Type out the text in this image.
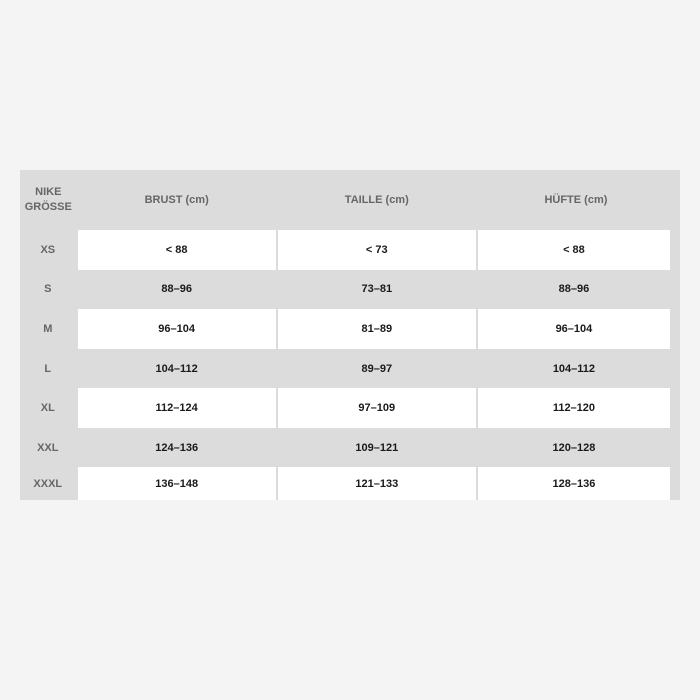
NIKE
GRÖSSE	BRUST (cm)	TAILLE (cm)	HÜFTE (cm)
XS	< 88	< 73	< 88
S	88–96	73–81	88–96
M	96–104	81–89	96–104
L	104–112	89–97	104–112
XL	112–124	97–109	112–120
XXL	124–136	109–121	120–128
XXXL	136–148	121–133	128–136
